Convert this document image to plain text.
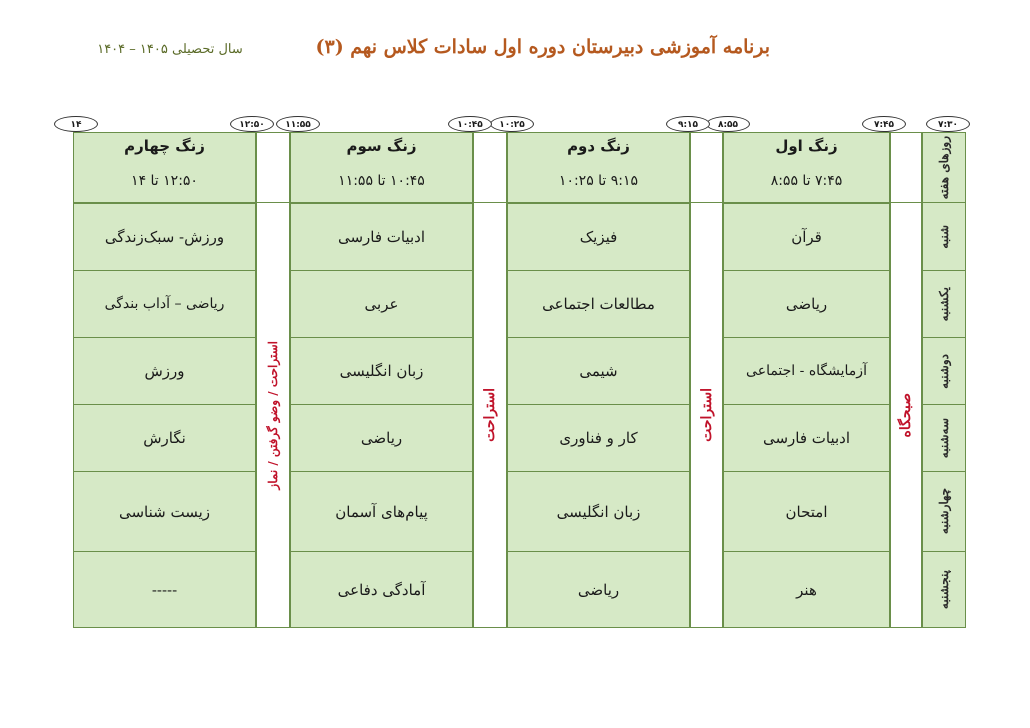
برنامه آموزشی دبیرستان دوره اول سادات کلاس نهم (۳)
سال تحصیلی ۱۴۰۵ – ۱۴۰۴
روزهای هفته
شنبه
یکشنبه
دوشنبه
سه‌شنبه
چهارشنبه
پنجشنبه
صبحگاه
زنگ اول
۷:۴۵ تا ۸:۵۵
قرآن
ریاضی
آزمایشگاه - اجتماعی
ادبیات فارسی
امتحان
هنر
استراحت
زنگ دوم
۹:۱۵ تا ۱۰:۲۵
فیزیک
مطالعات اجتماعی
شیمی
کار و فناوری
زبان انگلیسی
ریاضی
استراحت
زنگ سوم
۱۰:۴۵ تا ۱۱:۵۵
ادبیات فارسی
عربی
زبان انگلیسی
ریاضی
پیام‌های آسمان
آمادگی دفاعی
استراحت / وضو گرفتن / نماز
زنگ چهارم
۱۲:۵۰ تا ۱۴
ورزش- سبک‌زندگی
ریاضی – آداب بندگی
ورزش
نگارش
زیست شناسی
-----
۷:۳۰
۷:۴۵
۸:۵۵
۹:۱۵
۱۰:۲۵
۱۰:۴۵
۱۱:۵۵
۱۲:۵۰
۱۴
